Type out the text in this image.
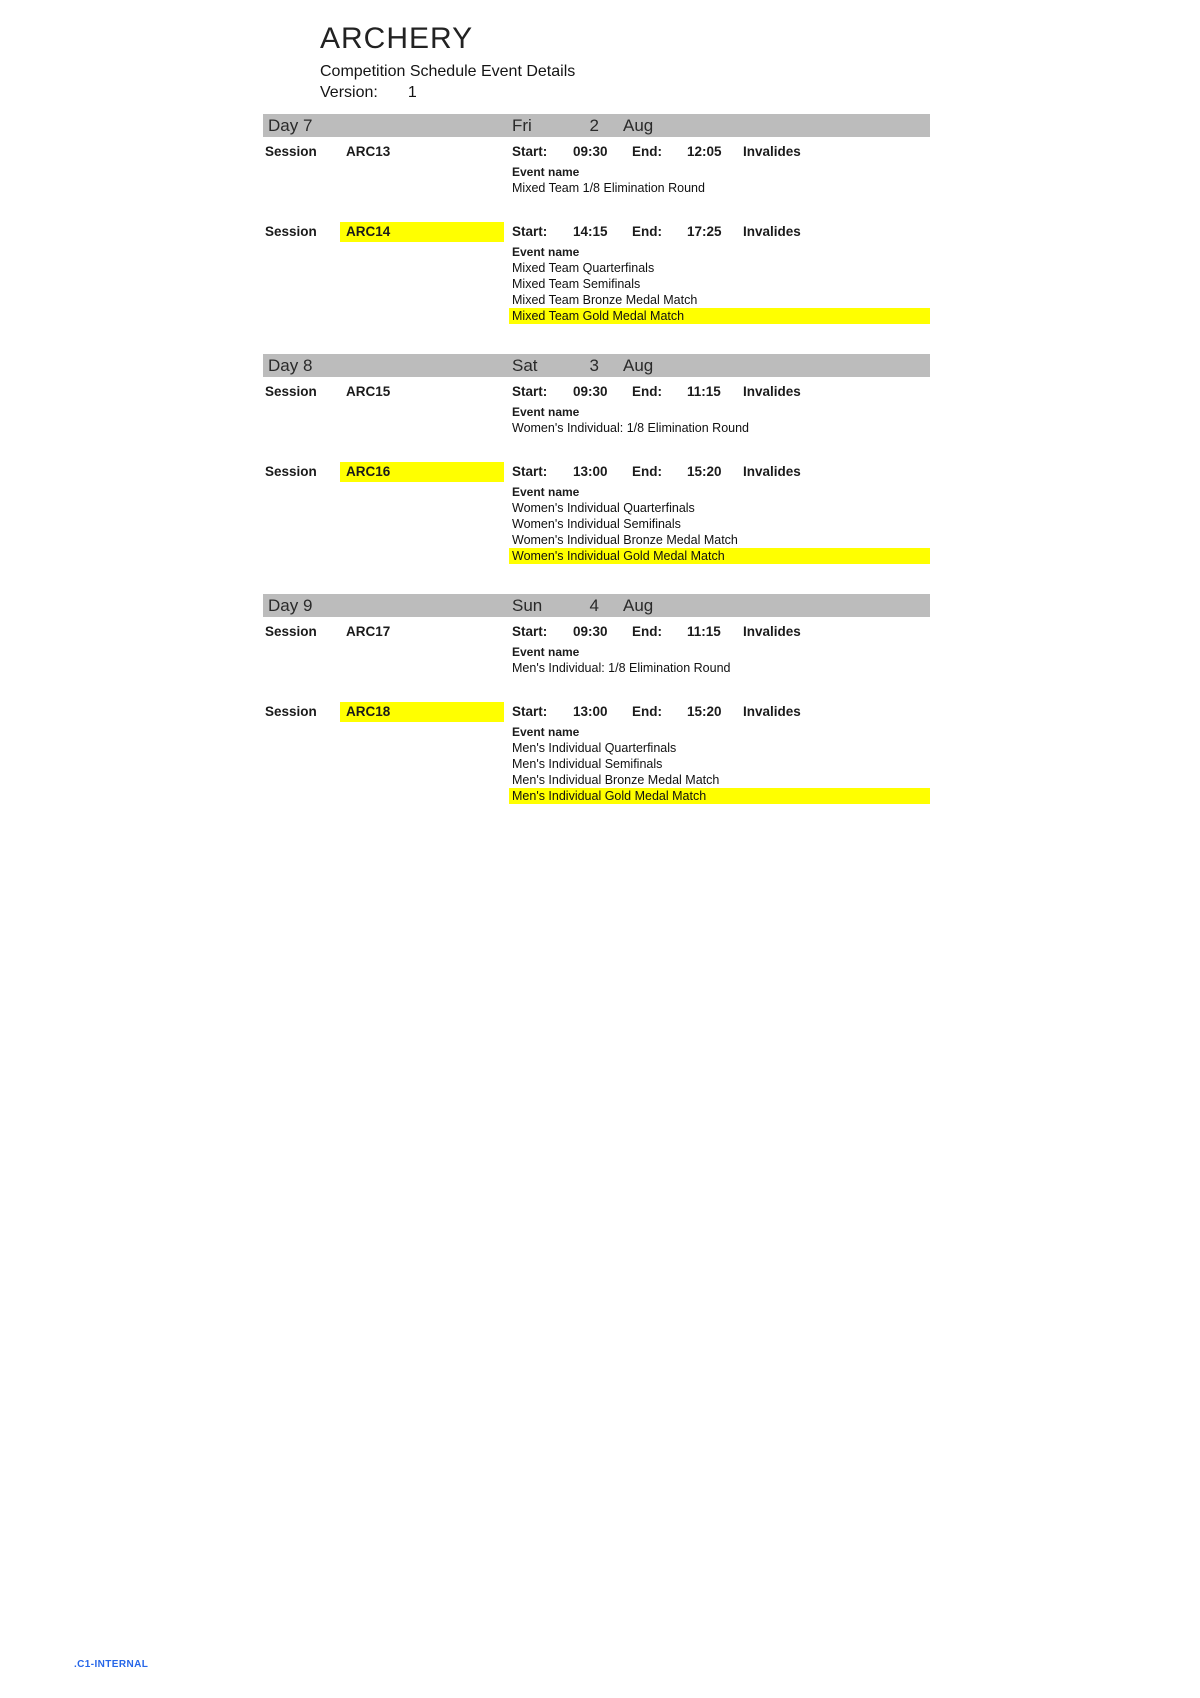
ARCHERY
Competition Schedule Event Details
Version: 1
Day 7	Fri	2 Aug
Session	ARC13	Start: 09:30 End: 12:05 Invalides
Event name
Mixed Team 1/8 Elimination Round
Session	ARC14	Start: 14:15 End: 17:25 Invalides
Event name
Mixed Team Quarterfinals
Mixed Team Semifinals
Mixed Team Bronze Medal Match
Mixed Team Gold Medal Match
Day 8	Sat	3 Aug
Session	ARC15	Start: 09:30 End: 11:15 Invalides
Event name
Women's Individual: 1/8 Elimination Round
Session	ARC16	Start: 13:00 End: 15:20 Invalides
Event name
Women's Individual Quarterfinals
Women's Individual Semifinals
Women's Individual Bronze Medal Match
Women's Individual Gold Medal Match
Day 9	Sun	4 Aug
Session	ARC17	Start: 09:30 End: 11:15 Invalides
Event name
Men's Individual: 1/8 Elimination Round
Session	ARC18	Start: 13:00 End: 15:20 Invalides
Event name
Men's Individual Quarterfinals
Men's Individual Semifinals
Men's Individual Bronze Medal Match
Men's Individual Gold Medal Match
.C1-INTERNAL
